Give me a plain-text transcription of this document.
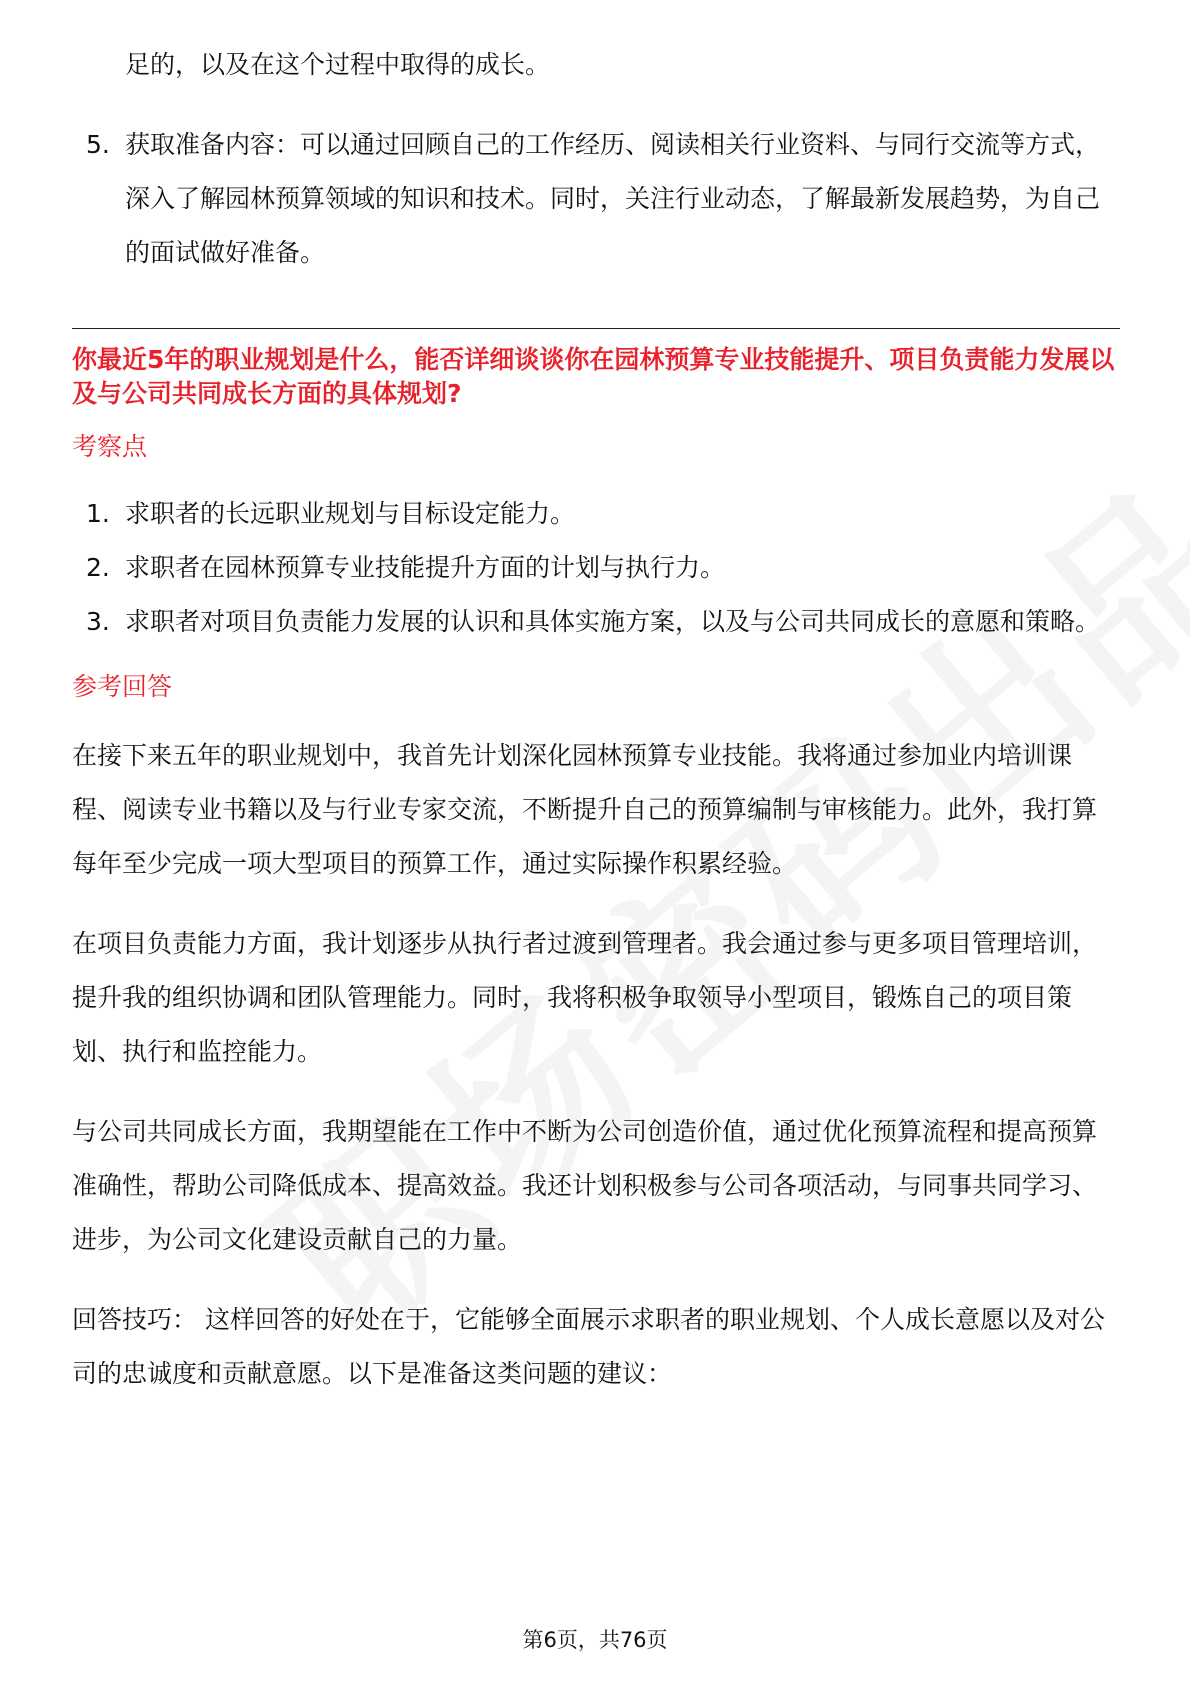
足的，以及在这个过程中取得的成长。

5. 获取准备内容：可以通过回顾自己的工作经历、阅读相关行业资料、与同行交流等方式，深入了解园林预算领域的知识和技术。同时，关注行业动态，了解最新发展趋势，为自己的面试做好准备。

你最近5年的职业规划是什么，能否详细谈谈你在园林预算专业技能提升、项目负责能力发展以及与公司共同成长方面的具体规划?

考察点

1. 求职者的长远职业规划与目标设定能力。
2. 求职者在园林预算专业技能提升方面的计划与执行力。
3. 求职者对项目负责能力发展的认识和具体实施方案，以及与公司共同成长的意愿和策略。

参考回答

在接下来五年的职业规划中，我首先计划深化园林预算专业技能。我将通过参加业内培训课程、阅读专业书籍以及与行业专家交流，不断提升自己的预算编制与审核能力。此外，我打算每年至少完成一项大型项目的预算工作，通过实际操作积累经验。

在项目负责能力方面，我计划逐步从执行者过渡到管理者。我会通过参与更多项目管理培训，提升我的组织协调和团队管理能力。同时，我将积极争取领导小型项目，锻炼自己的项目策划、执行和监控能力。

与公司共同成长方面，我期望能在工作中不断为公司创造价值，通过优化预算流程和提高预算准确性，帮助公司降低成本、提高效益。我还计划积极参与公司各项活动，与同事共同学习、进步，为公司文化建设贡献自己的力量。

回答技巧： 这样回答的好处在于，它能够全面展示求职者的职业规划、个人成长意愿以及对公司的忠诚度和贡献意愿。以下是准备这类问题的建议：

第6页，共76页
